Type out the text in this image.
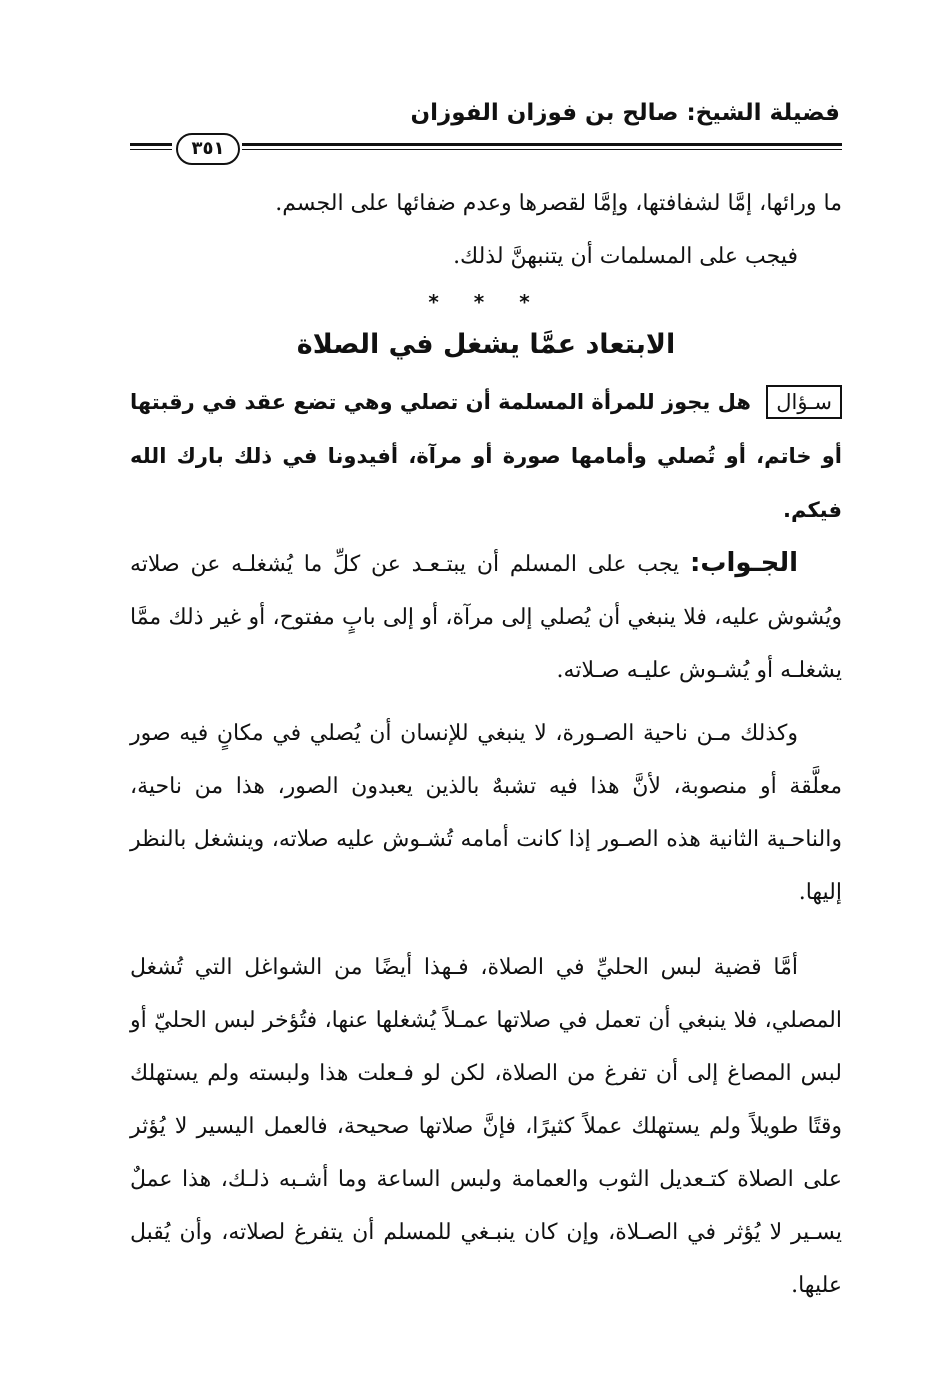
فضيلة الشيخ: صالح بن فوزان الفوزان
٣٥١

ما ورائها، إمَّا لشفافتها، وإمَّا لقصرها وعدم ضفائها على الجسم.

فيجب على المسلمات أن يتنبهنَّ لذلك.

* * *
الابتعاد عمَّا يشغل في الصلاة

سـؤال هل يجوز للمرأة المسلمة أن تصلي وهي تضع عقد في رقبتها أو خاتم، أو تُصلي وأمامها صورة أو مرآة، أفيدونا في ذلك بارك الله فيكم.

الجـواب: يجب على المسلم أن يبتـعـد عن كلِّ ما يُشغلـه عن صلاته ويُشوش عليه، فلا ينبغي أن يُصلي إلى مرآة، أو إلى بابٍ مفتوح، أو غير ذلك ممَّا يشغلـه أو يُشـوش عليـه صـلاته.

وكذلك مـن ناحية الصـورة، لا ينبغي للإنسان أن يُصلي في مكانٍ فيه صور معلَّقة أو منصوبة، لأنَّ هذا فيه تشبهٌ بالذين يعبدون الصور، هذا من ناحية، والناحـية الثانية هذه الصـور إذا كانت أمامه تُشـوش عليه صلاته، وينشغل بالنظر إليها.

أمَّا قضية لبس الحليِّ في الصلاة، فـهذا أيضًا من الشواغل التي تُشغل المصلي، فلا ينبغي أن تعمل في صلاتها عمـلاً يُشغلها عنها، فتُؤخر لبس الحليّ أو لبس المصاغ إلى أن تفرغ من الصلاة، لكن لو فـعلت هذا ولبسته ولم يستهلك وقتًا طويلاً ولم يستهلك عملاً كثيرًا، فإنَّ صلاتها صحيحة، فالعمل اليسير لا يُؤثر على الصلاة كتـعديل الثوب والعمامة ولبس الساعة وما أشـبه ذلـك، هذا عملٌ يسـير لا يُؤثر في الصـلاة، وإن كان ينبـغي للمسلم أن يتفرغ لصلاته، وأن يُقبل عليها.
